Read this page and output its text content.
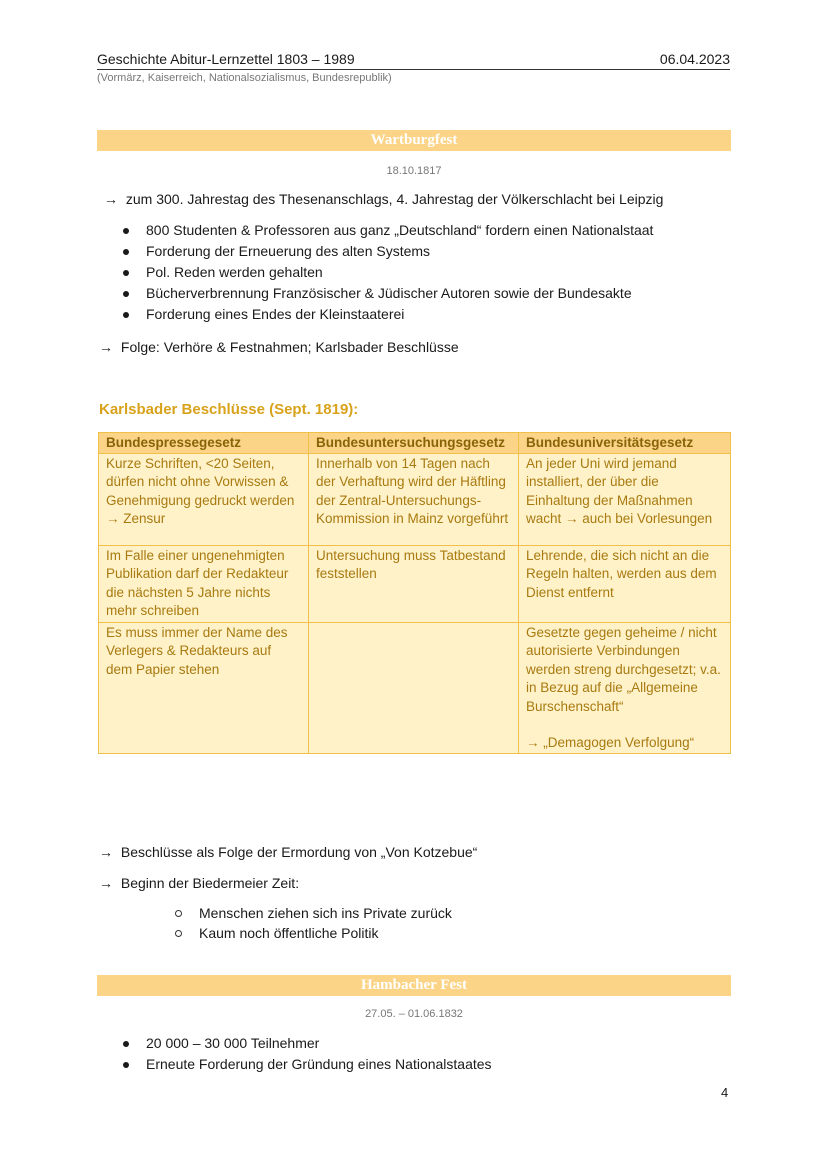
Geschichte Abitur-Lernzettel 1803 – 1989	06.04.2023
(Vormärz, Kaiserreich, Nationalsozialismus, Bundesrepublik)
Wartburgfest
18.10.1817
→ zum 300. Jahrestag des Thesenanschlags, 4. Jahrestag der Völkerschlacht bei Leipzig
800 Studenten & Professoren aus ganz „Deutschland“ fordern einen Nationalstaat
Forderung der Erneuerung des alten Systems
Pol. Reden werden gehalten
Bücherverbrennung Französischer & Jüdischer Autoren sowie der Bundesakte
Forderung eines Endes der Kleinstaaterei
→ Folge: Verhöre & Festnahmen; Karlsbader Beschlüsse
Karlsbader Beschlüsse (Sept. 1819):
Bundespressegesetz	Bundesuntersuchungsgesetz	Bundesuniversitätsgesetz
Kurze Schriften, <20 Seiten, dürfen nicht ohne Vorwissen & Genehmigung gedruckt werden → Zensur	Innerhalb von 14 Tagen nach der Verhaftung wird der Häftling der Zentral-Untersuchungs-Kommission in Mainz vorgeführt	An jeder Uni wird jemand installiert, der über die Einhaltung der Maßnahmen wacht → auch bei Vorlesungen
Im Falle einer ungenehmigten Publikation darf der Redakteur die nächsten 5 Jahre nichts mehr schreiben	Untersuchung muss Tatbestand feststellen	Lehrende, die sich nicht an die Regeln halten, werden aus dem Dienst entfernt
Es muss immer der Name des Verlegers & Redakteurs auf dem Papier stehen		Gesetzte gegen geheime / nicht autorisierte Verbindungen werden streng durchgesetzt; v.a. in Bezug auf die „Allgemeine Burschenschaft“
→ „Demagogen Verfolgung“
→ Beschlüsse als Folge der Ermordung von „Von Kotzebue“
→ Beginn der Biedermeier Zeit:
Menschen ziehen sich ins Private zurück
Kaum noch öffentliche Politik
Hambacher Fest
27.05. – 01.06.1832
20 000 – 30 000 Teilnehmer
Erneute Forderung der Gründung eines Nationalstaates
4
